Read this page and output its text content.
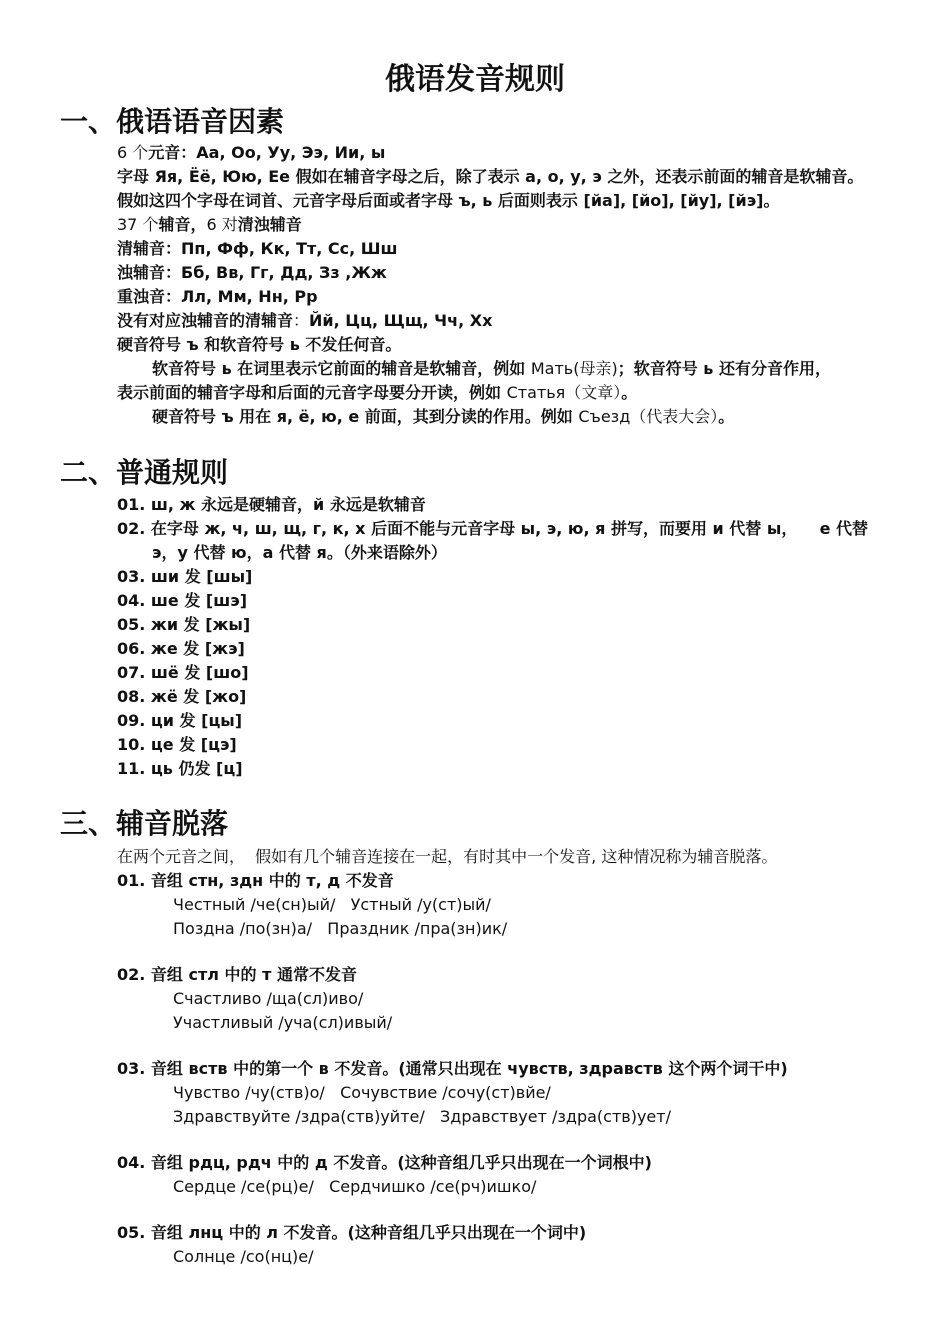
俄语发音规则
一、俄语语音因素
6 个元音：Aa, Oo, Уу, Ээ, Ии, ы
字母 Яя, Ёё, Юю, Ее 假如在辅音字母之后，除了表示 а, о, у, э 之外，还表示前面的辅音是软辅音。
假如这四个字母在词首、元音字母后面或者字母 ъ, ь 后面则表示 [йа], [йо], [йу], [йэ]。
37 个辅音，6 对清浊辅音
清辅音：Пп, Фф, Кк, Тт, Сс, Шш
浊辅音：Бб, Вв, Гг, Дд, Зз ,Жж
重浊音：Лл, Мм, Нн, Рр
没有对应浊辅音的清辅音：Йй, Цц, Щщ, Чч, Хх
硬音符号 ъ 和软音符号 ь 不发任何音。
软音符号 ь 在词里表示它前面的辅音是软辅音，例如 Мать(母亲)；软音符号 ь 还有分音作用，
表示前面的辅音字母和后面的元音字母要分开读，例如 Статья（文章）。
硬音符号 ъ 用在 я, ё, ю, е 前面，其到分读的作用。例如 Съезд（代表大会）。
二、普通规则
01. ш, ж 永远是硬辅音，й 永远是软辅音
02. 在字母 ж, ч, ш, щ, г, к, х 后面不能与元音字母 ы, э, ю, я 拼写，而要用 и 代替 ы，    е 代替
э，у 代替 ю，а 代替 я。（外来语除外）
03. ши 发 [шы]
04. ше 发 [шэ]
05. жи 发 [жы]
06. же 发 [жэ]
07. шё 发 [шо]
08. жё 发 [жо]
09. ци 发 [цы]
10. це 发 [цэ]
11. ць 仍发 [ц]
三、辅音脱落
在两个元音之间，  假如有几个辅音连接在一起，有时其中一个发音, 这种情况称为辅音脱落。
01. 音组 стн, здн 中的 т, д 不发音
Честный /че(сн)ый/   Устный /у(ст)ый/
Поздна /по(зн)а/   Праздник /пра(зн)ик/
02. 音组 стл 中的 т 通常不发音
Счастливо /ща(сл)иво/
Участливый /уча(сл)ивый/
03. 音组 вств 中的第一个 в 不发音。(通常只出现在 чувств, здравств 这个两个词干中)
Чувство /чу(ств)о/   Сочувствие /сочу(ст)вйе/
Здравствуйте /здра(ств)уйте/   Здравствует /здра(ств)ует/
04. 音组 рдц, рдч 中的 д 不发音。(这种音组几乎只出现在一个词根中)
Сердце /се(рц)е/   Сердчишко /се(рч)ишко/
05. 音组 лнц 中的 л 不发音。(这种音组几乎只出现在一个词中)
Солнце /со(нц)е/
